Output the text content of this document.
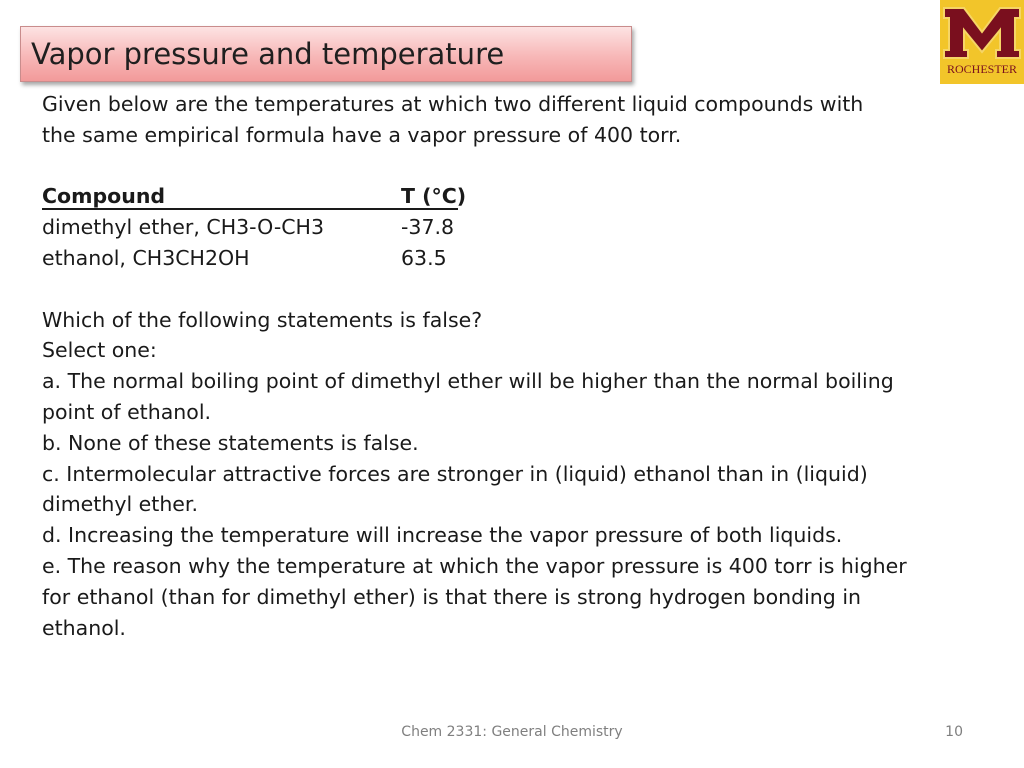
Vapor pressure and temperature	ROCHESTER
Given below are the temperatures at which two different liquid compounds with
the same empirical formula have a vapor pressure of 400 torr.
Compound	T (°C)
dimethyl ether, CH3-O-CH3	-37.8
ethanol, CH3CH2OH	63.5
Which of the following statements is false?
Select one:
a. The normal boiling point of dimethyl ether will be higher than the normal boiling
point of ethanol.
b. None of these statements is false.
c. Intermolecular attractive forces are stronger in (liquid) ethanol than in (liquid)
dimethyl ether.
d. Increasing the temperature will increase the vapor pressure of both liquids.
e. The reason why the temperature at which the vapor pressure is 400 torr is higher
for ethanol (than for dimethyl ether) is that there is strong hydrogen bonding in
ethanol.
Chem 2331: General Chemistry	10
